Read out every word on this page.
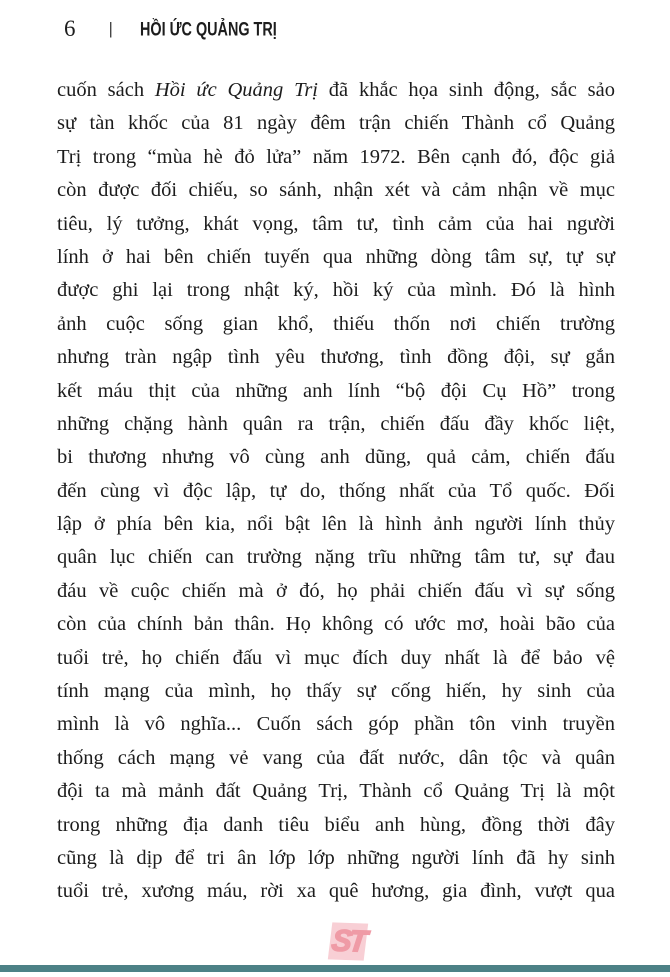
6 | HỒI ỨC QUẢNG TRỊ
cuốn sách Hồi ức Quảng Trị đã khắc họa sinh động, sắc sảo
sự tàn khốc của 81 ngày đêm trận chiến Thành cổ Quảng
Trị trong “mùa hè đỏ lửa” năm 1972. Bên cạnh đó, độc giả
còn được đối chiếu, so sánh, nhận xét và cảm nhận về mục
tiêu, lý tưởng, khát vọng, tâm tư, tình cảm của hai người
lính ở hai bên chiến tuyến qua những dòng tâm sự, tự sự
được ghi lại trong nhật ký, hồi ký của mình. Đó là hình
ảnh cuộc sống gian khổ, thiếu thốn nơi chiến trường
nhưng tràn ngập tình yêu thương, tình đồng đội, sự gắn
kết máu thịt của những anh lính “bộ đội Cụ Hồ” trong
những chặng hành quân ra trận, chiến đấu đầy khốc liệt,
bi thương nhưng vô cùng anh dũng, quả cảm, chiến đấu
đến cùng vì độc lập, tự do, thống nhất của Tổ quốc. Đối
lập ở phía bên kia, nổi bật lên là hình ảnh người lính thủy
quân lục chiến can trường nặng trĩu những tâm tư, sự đau
đáu về cuộc chiến mà ở đó, họ phải chiến đấu vì sự sống
còn của chính bản thân. Họ không có ước mơ, hoài bão của
tuổi trẻ, họ chiến đấu vì mục đích duy nhất là để bảo vệ
tính mạng của mình, họ thấy sự cống hiến, hy sinh của
mình là vô nghĩa... Cuốn sách góp phần tôn vinh truyền
thống cách mạng vẻ vang của đất nước, dân tộc và quân
đội ta mà mảnh đất Quảng Trị, Thành cổ Quảng Trị là một
trong những địa danh tiêu biểu anh hùng, đồng thời đây
cũng là dịp để tri ân lớp lớp những người lính đã hy sinh
tuổi trẻ, xương máu, rời xa quê hương, gia đình, vượt qua
ST
